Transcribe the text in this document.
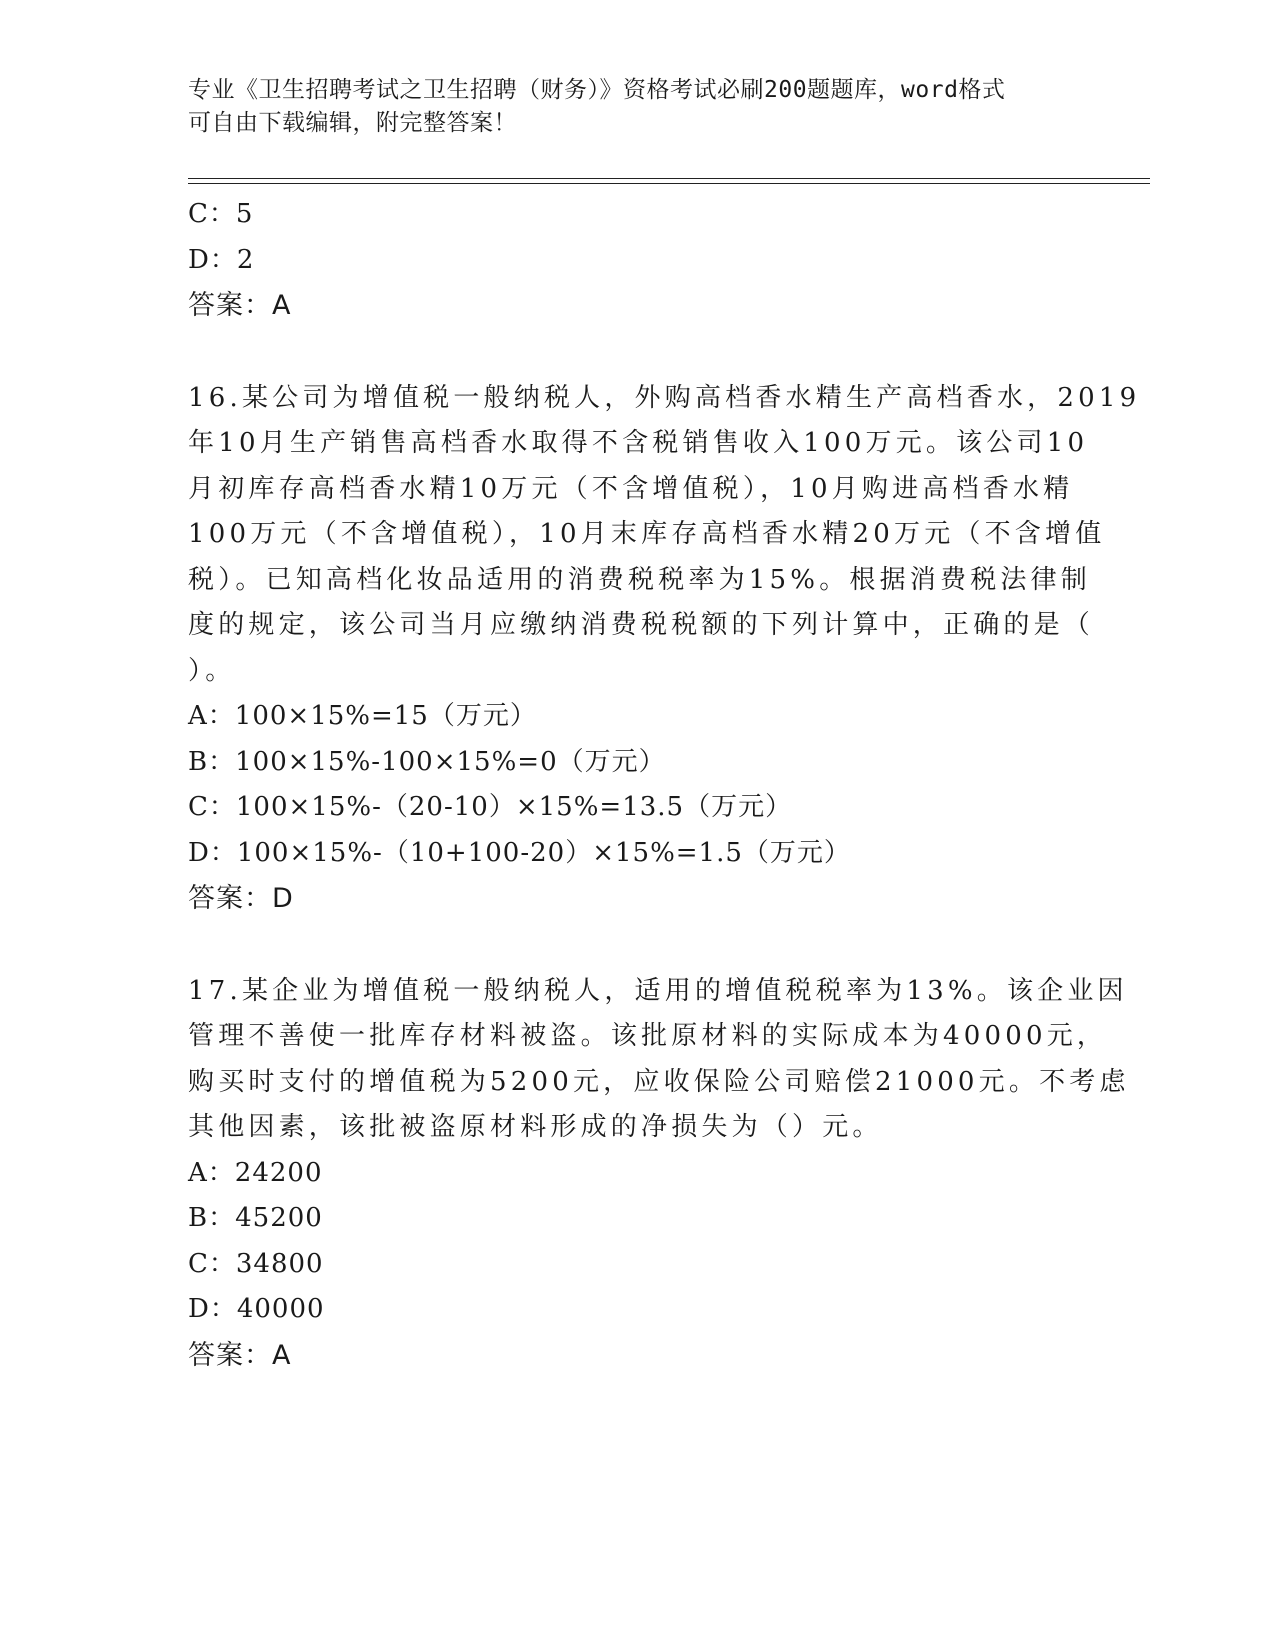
专业《卫生招聘考试之卫生招聘（财务）》资格考试必刷200题题库，word格式
可自由下载编辑，附完整答案！
C：5
D：2
答案：A
16.某公司为增值税一般纳税人，外购高档香水精生产高档香水，2019
年10月生产销售高档香水取得不含税销售收入100万元。该公司10
月初库存高档香水精10万元（不含增值税），10月购进高档香水精
100万元（不含增值税），10月末库存高档香水精20万元（不含增值
税）。已知高档化妆品适用的消费税税率为15%。根据消费税法律制
度的规定，该公司当月应缴纳消费税税额的下列计算中，正确的是（
）。
A：100×15%=15（万元）
B：100×15%-100×15%=0（万元）
C：100×15%-（20-10）×15%=13.5（万元）
D：100×15%-（10+100-20）×15%=1.5（万元）
答案：D
17.某企业为增值税一般纳税人，适用的增值税税率为13%。该企业因
管理不善使一批库存材料被盗。该批原材料的实际成本为40000元，
购买时支付的增值税为5200元，应收保险公司赔偿21000元。不考虑
其他因素，该批被盗原材料形成的净损失为（）元。
A：24200
B：45200
C：34800
D：40000
答案：A
